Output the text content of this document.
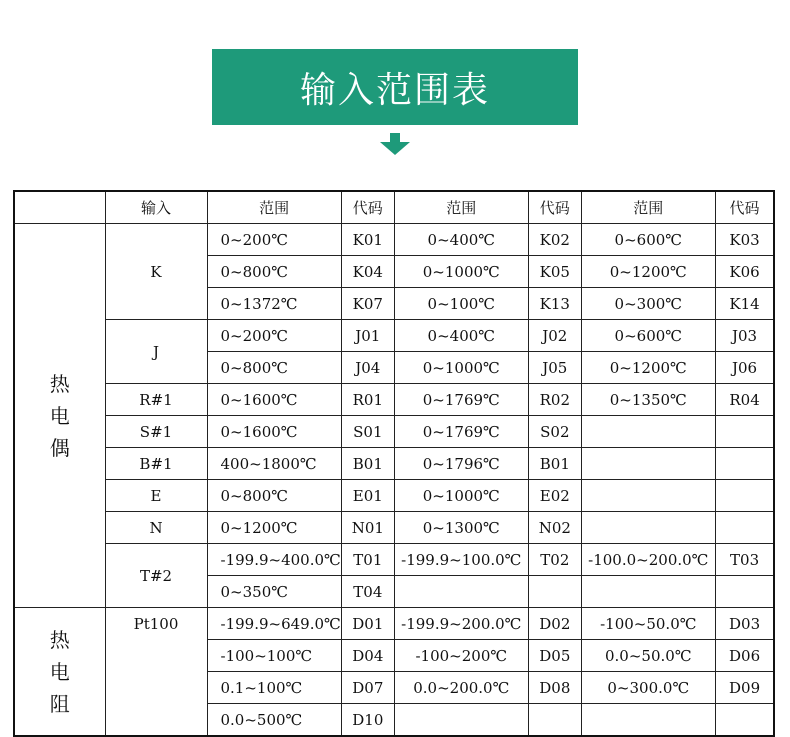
输入范围表
	输入	范围	代码	范围	代码	范围	代码

热
电
偶	K	0~200℃	K01	0~400℃	K02	0~600℃	K03
		0~800℃	K04	0~1000℃	K05	0~1200℃	K06
		0~1372℃	K07	0~100℃	K13	0~300℃	K14
	J	0~200℃	J01	0~400℃	J02	0~600℃	J03
		0~800℃	J04	0~1000℃	J05	0~1200℃	J06
	R#1	0~1600℃	R01	0~1769℃	R02	0~1350℃	R04
	S#1	0~1600℃	S01	0~1769℃	S02		
	B#1	400~1800℃	B01	0~1796℃	B01		
	E	0~800℃	E01	0~1000℃	E02		
	N	0~1200℃	N01	0~1300℃	N02		
	T#2	-199.9~400.0℃	T01	-199.9~100.0℃	T02	-100.0~200.0℃	T03
		0~350℃	T04				

热
电
阻	Pt100	-199.9~649.0℃	D01	-199.9~200.0℃	D02	-100~50.0℃	D03
		-100~100℃	D04	-100~200℃	D05	0.0~50.0℃	D06
		0.1~100℃	D07	0.0~200.0℃	D08	0~300.0℃	D09
		0.0~500℃	D10				
